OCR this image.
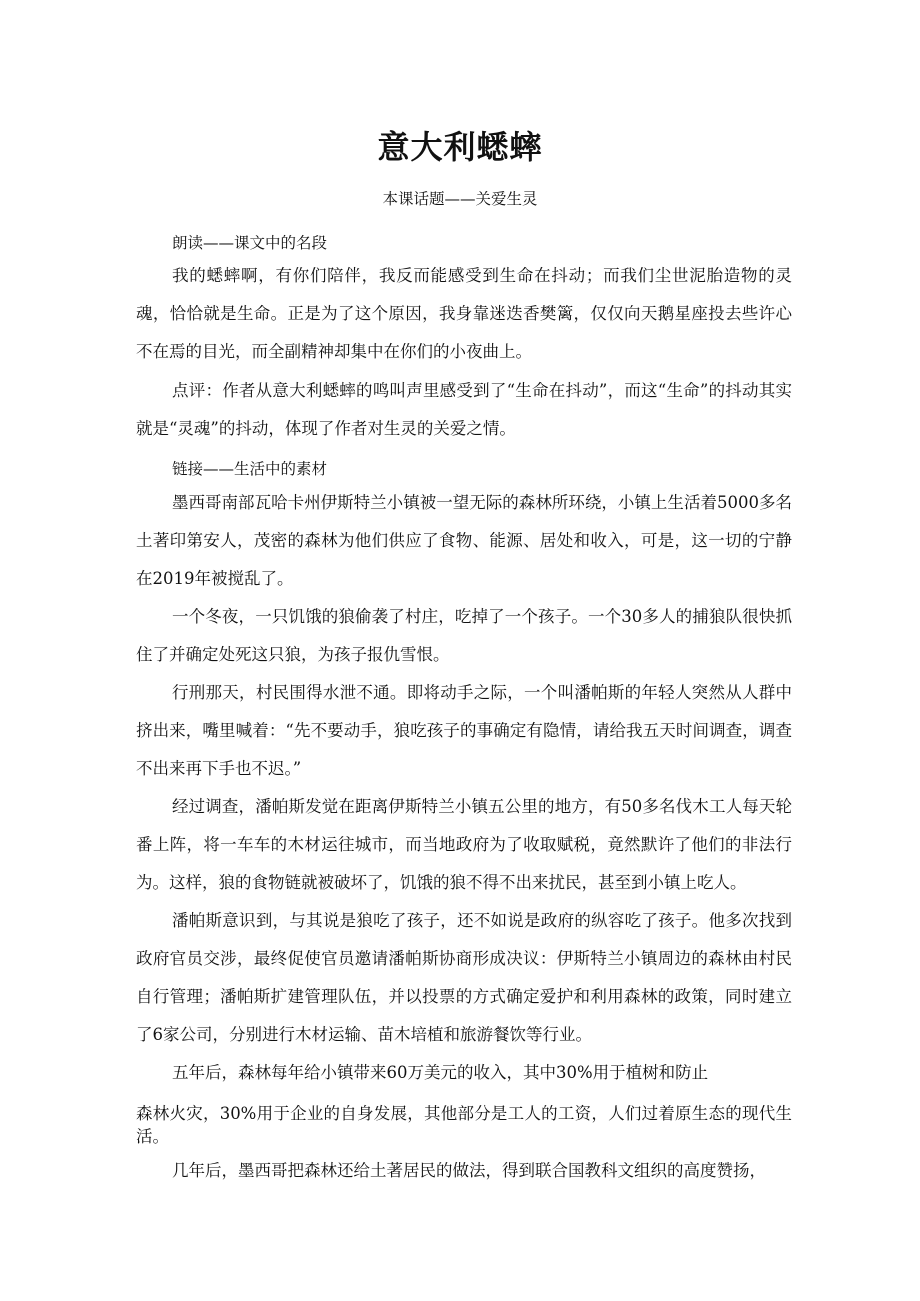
意大利蟋蟀
本课话题——关爱生灵
朗读——课文中的名段
我的蟋蟀啊，有你们陪伴，我反而能感受到生命在抖动；而我们尘世泥胎造物的灵魂，恰恰就是生命。正是为了这个原因，我身靠迷迭香樊篱，仅仅向天鹅星座投去些许心不在焉的目光，而全副精神却集中在你们的小夜曲上。
点评：作者从意大利蟋蟀的鸣叫声里感受到了“生命在抖动”，而这“生命”的抖动其实就是“灵魂”的抖动，体现了作者对生灵的关爱之情。
链接——生活中的素材
墨西哥南部瓦哈卡州伊斯特兰小镇被一望无际的森林所环绕，小镇上生活着5000多名土著印第安人，茂密的森林为他们供应了食物、能源、居处和收入，可是，这一切的宁静在2019年被搅乱了。
一个冬夜，一只饥饿的狼偷袭了村庄，吃掉了一个孩子。一个30多人的捕狼队很快抓住了并确定处死这只狼，为孩子报仇雪恨。
行刑那天，村民围得水泄不通。即将动手之际，一个叫潘帕斯的年轻人突然从人群中挤出来，嘴里喊着：“先不要动手，狼吃孩子的事确定有隐情，请给我五天时间调查，调查不出来再下手也不迟。”
经过调查，潘帕斯发觉在距离伊斯特兰小镇五公里的地方，有50多名伐木工人每天轮番上阵，将一车车的木材运往城市，而当地政府为了收取赋税，竟然默许了他们的非法行为。这样，狼的食物链就被破坏了，饥饿的狼不得不出来扰民，甚至到小镇上吃人。
潘帕斯意识到，与其说是狼吃了孩子，还不如说是政府的纵容吃了孩子。他多次找到政府官员交涉，最终促使官员邀请潘帕斯协商形成决议：伊斯特兰小镇周边的森林由村民自行管理；潘帕斯扩建管理队伍，并以投票的方式确定爱护和利用森林的政策，同时建立了6家公司，分别进行木材运输、苗木培植和旅游餐饮等行业。
五年后，森林每年给小镇带来60万美元的收入，其中30%用于植树和防止
森林火灾，30%用于企业的自身发展，其他部分是工人的工资，人们过着原生态的现代生活。
几年后，墨西哥把森林还给土著居民的做法，得到联合国教科文组织的高度赞扬，
